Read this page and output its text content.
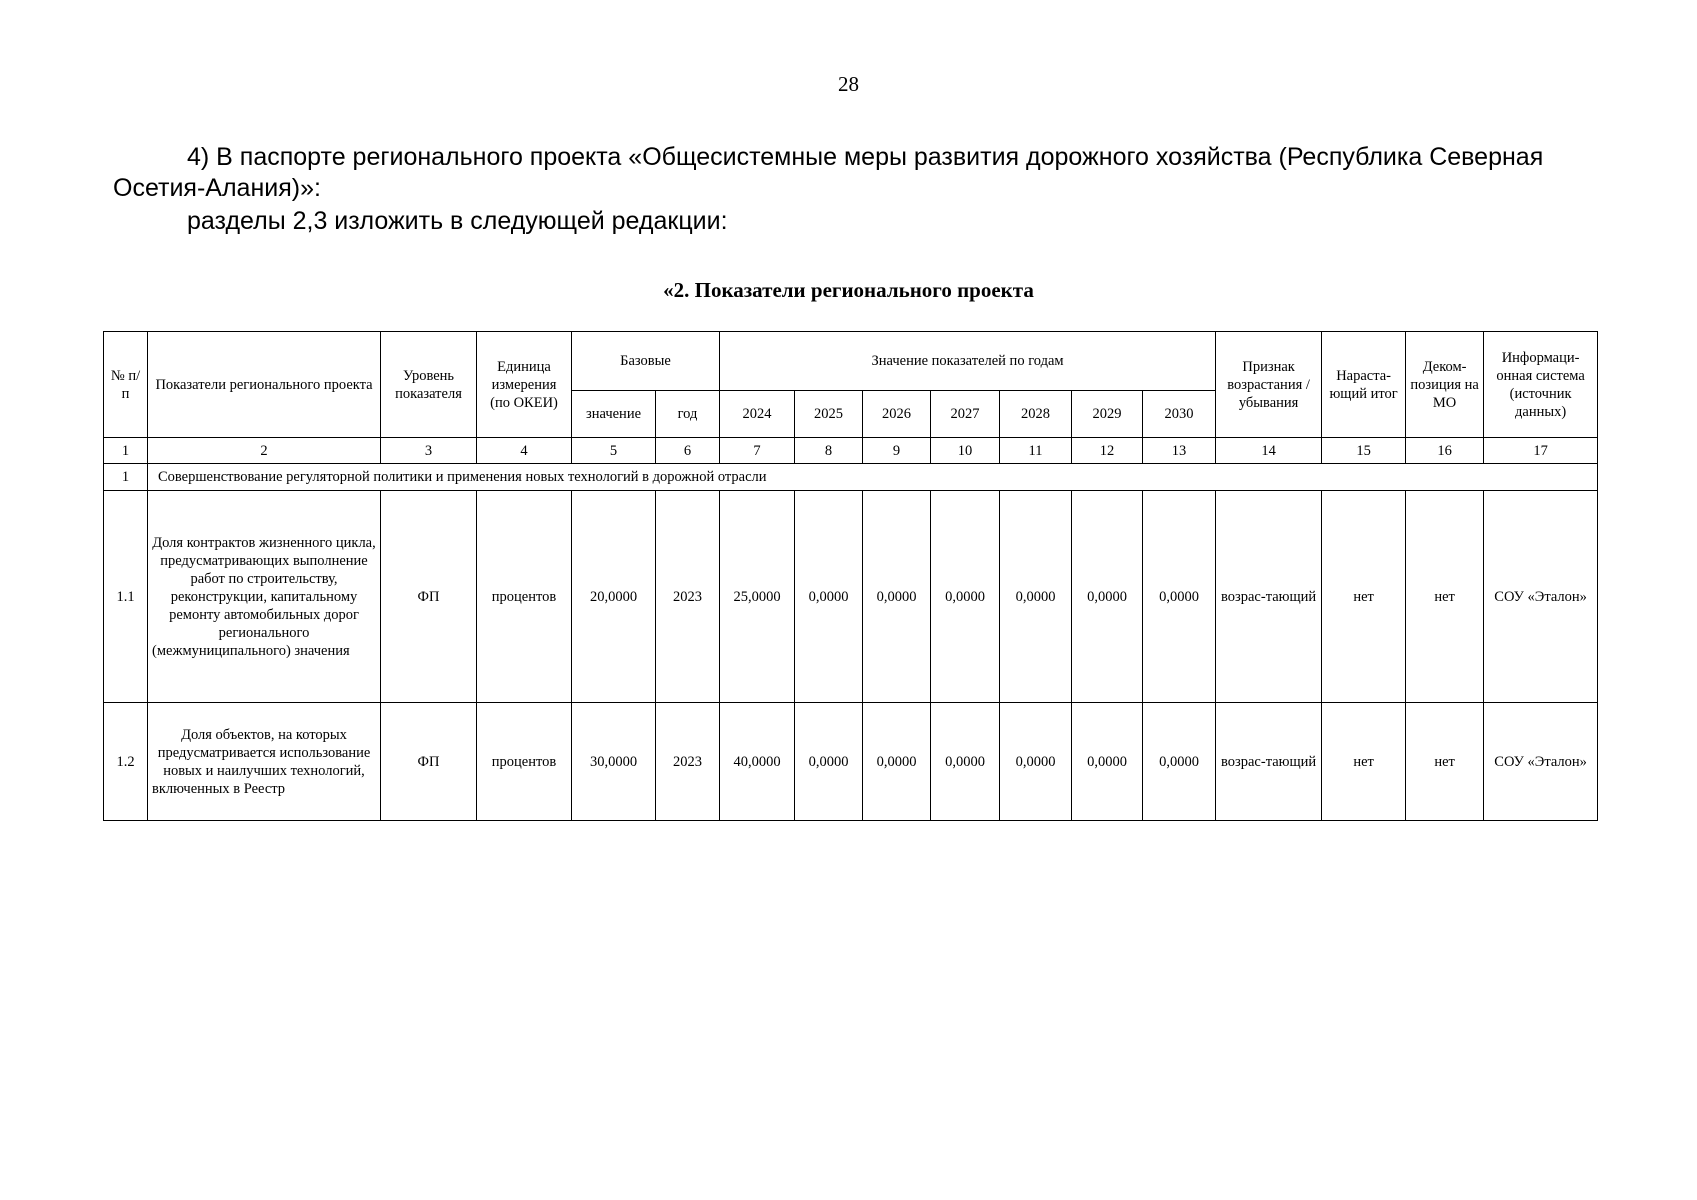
28

4) В паспорте регионального проекта «Общесистемные меры развития дорожного хозяйства (Республика Северная Осетия-Алания)»:

разделы 2,3 изложить в следующей редакции:

«2. Показатели регионального проекта
№ п/п	Показатели регионального проекта	Уровень показателя	Единица измерения (по ОКЕИ)	Базовые		Значение показателей по годам							Признак возрастания / убывания	Нараста-ющий итог	Деком-позиция на МО	Информаци-онная система (источник данных)
				значение	год	2024	2025	2026	2027	2028	2029	2030				
1	2	3	4	5	6	7	8	9	10	11	12	13	14	15	16	17
1	Совершенствование регуляторной политики и применения новых технологий в дорожной отрасли															
1.1	Доля контрактов жизненного цикла, предусматривающих выполнение работ по строительству, реконструкции, капитальному ремонту автомобильных дорог регионального (межмуниципального) значения	ФП	процентов	20,0000	2023	25,0000	0,0000	0,0000	0,0000	0,0000	0,0000	0,0000	возрас-тающий	нет	нет	СОУ «Эталон»
1.2	Доля объектов, на которых предусматривается использование новых и наилучших технологий, включенных в Реестр	ФП	процентов	30,0000	2023	40,0000	0,0000	0,0000	0,0000	0,0000	0,0000	0,0000	возрас-тающий	нет	нет	СОУ «Эталон»
